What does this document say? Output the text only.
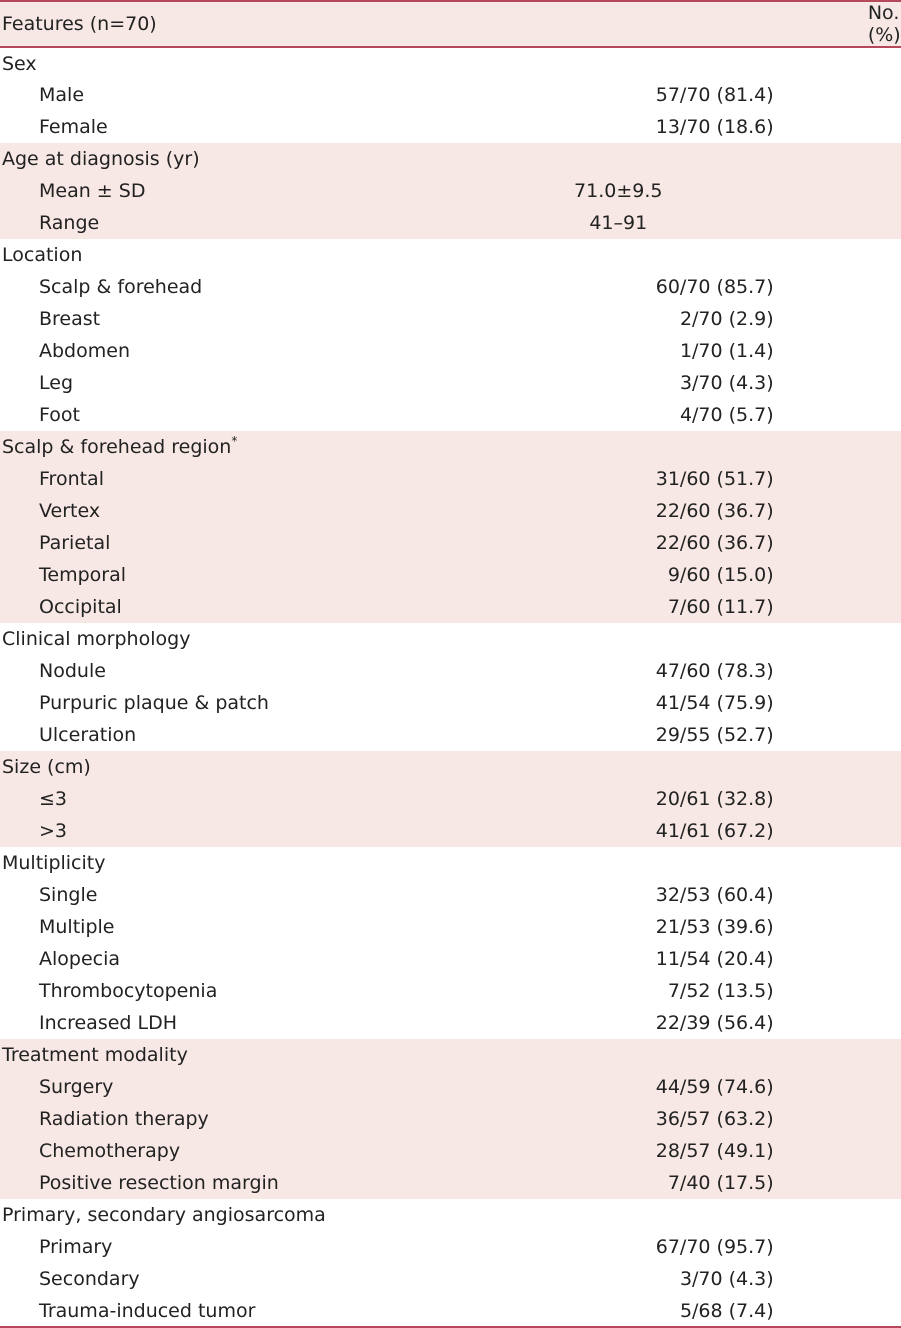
Features (n=70)	No. (%)
Sex	
Male	57/70 (81.4)
Female	13/70 (18.6)
Age at diagnosis (yr)	
Mean ± SD	71.0±9.5
Range	41–91
Location	
Scalp & forehead	60/70 (85.7)
Breast	2/70 (2.9)
Abdomen	1/70 (1.4)
Leg	3/70 (4.3)
Foot	4/70 (5.7)
Scalp & forehead region*	
Frontal	31/60 (51.7)
Vertex	22/60 (36.7)
Parietal	22/60 (36.7)
Temporal	9/60 (15.0)
Occipital	7/60 (11.7)
Clinical morphology	
Nodule	47/60 (78.3)
Purpuric plaque & patch	41/54 (75.9)
Ulceration	29/55 (52.7)
Size (cm)	
≤3	20/61 (32.8)
>3	41/61 (67.2)
Multiplicity	
Single	32/53 (60.4)
Multiple	21/53 (39.6)
Alopecia	11/54 (20.4)
Thrombocytopenia	7/52 (13.5)
Increased LDH	22/39 (56.4)
Treatment modality	
Surgery	44/59 (74.6)
Radiation therapy	36/57 (63.2)
Chemotherapy	28/57 (49.1)
Positive resection margin	7/40 (17.5)
Primary, secondary angiosarcoma	
Primary	67/70 (95.7)
Secondary	3/70 (4.3)
Trauma-induced tumor	5/68 (7.4)
